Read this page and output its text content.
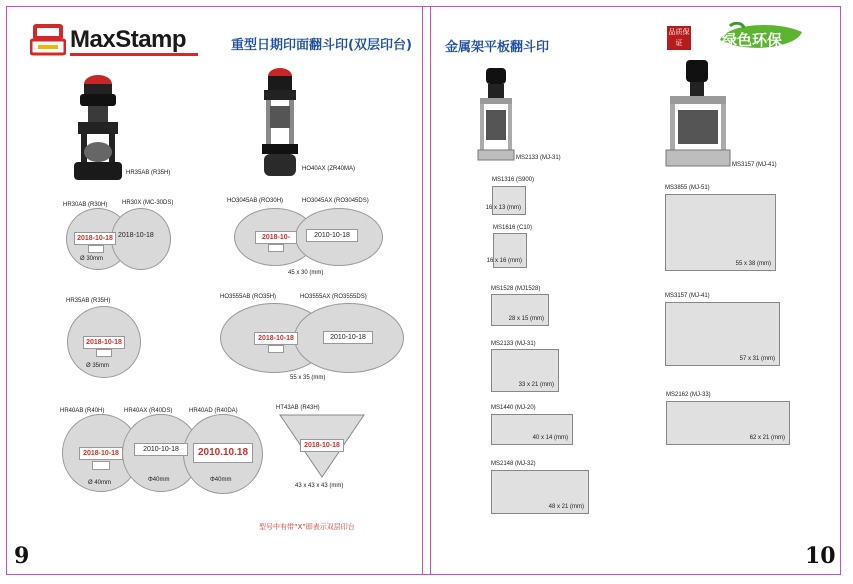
MaxStamp	重型日期印面翻斗印(双层印台)
HR35AB (R35H)
HO40AX (ZR40MA)
HR30AB (R30H) HR30X (MC-30DS)
2018-10-18 2018-10-18
Ø 30mm
HO3045AB (RO30H)	HO3045AX (RO3045DS)
2018-10-	2010-10-18
45 x 30 (mm)
HR35AB (R35H)
2018-10-18
Ø 35mm
HO3555AB (RO35H)	HO3555AX (RO3555DS)
2018-10-18	2010-10-18
55 x 35 (mm)
HR40AB (R40H)	HR40AX (R40DS)	HR40AD (R40DA)
2018-10-18
2010-10-18	2010.10.18
Ø 40mm	Φ40mm	Φ40mm
HT43AB (R43H)
2018-10-18
43 x 43 x 43 (mm)
型号中有带“X”即表示双层印台
9
金属架平板翻斗印
品质保证	绿色环保
MS2133 (MJ-31)
MS3157 (MJ-41)
MS1316 (S900)
16 x 13 (mm)
MS1616 (C10)
16 x 16 (mm)
MS1528 (MJ1528)
28 x 15 (mm)
MS2133 (MJ-31)
33 x 21 (mm)
MS1440 (MJ-20)
40 x 14 (mm)
MS2148 (MJ-32)
48 x 21 (mm)
MS3855 (MJ-51)
55 x 38 (mm)
MS3157 (MJ-41)
57 x 31 (mm)
MS2162 (MJ-33)
62 x 21 (mm)
10
